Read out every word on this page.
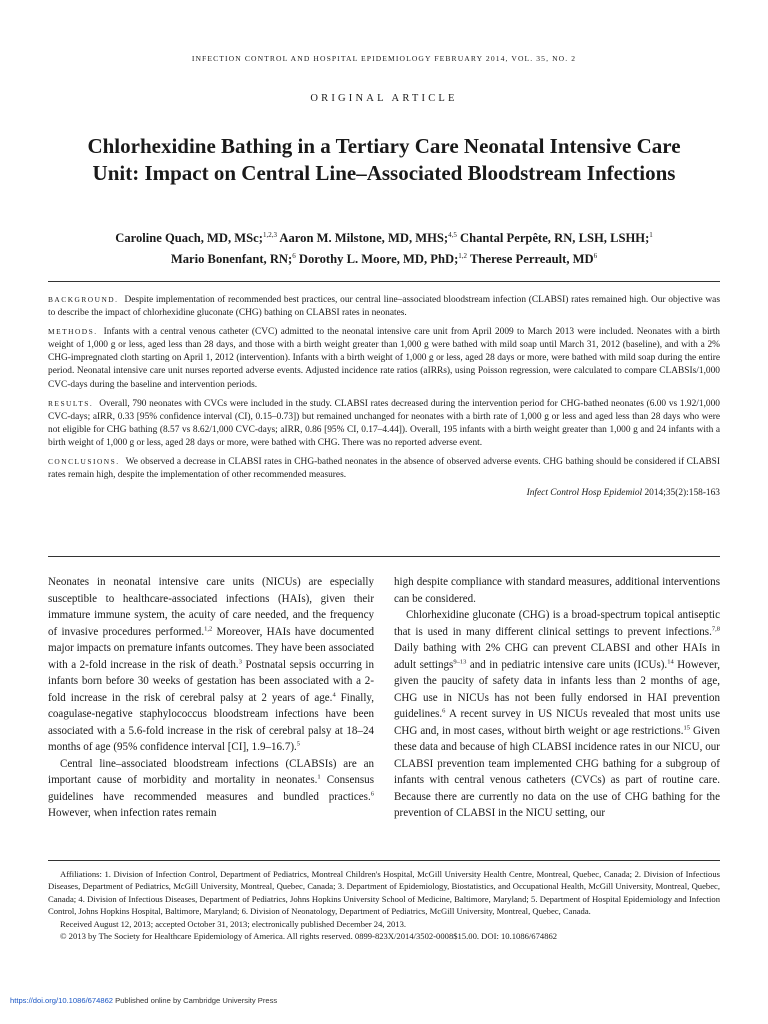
INFECTION CONTROL AND HOSPITAL EPIDEMIOLOGY FEBRUARY 2014, VOL. 35, NO. 2
ORIGINAL ARTICLE
Chlorhexidine Bathing in a Tertiary Care Neonatal Intensive Care
Unit: Impact on Central Line–Associated Bloodstream Infections
Caroline Quach, MD, MSc;$^{1,2,3}$ Aaron M. Milstone, MD, MHS;$^{4,5}$ Chantal Perpête, RN, LSH, LSHH;$^1$
Mario Bonenfant, RN;$^6$ Dorothy L. Moore, MD, PhD;$^{1,2}$ Therese Perreault, $MD^6$

BACKGROUND. Despite implementation of recommended best practices, our central line–associated bloodstream infection (CLABSI) rates remained high. Our objective was to describe the impact of chlorhexidine gluconate (CHG) bathing on CLABSI rates in neonates.

METHODS. Infants with a central venous catheter (CVC) admitted to the neonatal intensive care unit from April 2009 to March 2013 were included. Neonates with a birth weight of 1,000 g or less, aged less than 28 days, and those with a birth weight greater than 1,000 g were bathed with mild soap until March 31, 2012 (baseline), and with a 2% CHG-impregnated cloth starting on April 1, 2012 (intervention). Infants with a birth weight of 1,000 g or less, aged 28 days or more, were bathed with mild soap during the entire period. Neonatal intensive care unit nurses reported adverse events. Adjusted incidence rate ratios (aIRRs), using Poisson regression, were calculated to compare CLABSIs/1,000 CVC-days during the baseline and intervention periods.

RESULTS. Overall, 790 neonates with CVCs were included in the study. CLABSI rates decreased during the intervention period for CHG-bathed neonates (6.00 vs 1.92/1,000 CVC-days; aIRR, 0.33 [95% confidence interval (CI), 0.15–0.73]) but remained unchanged for neonates with a birth rate of 1,000 g or less and aged less than 28 days who were not eligible for CHG bathing (8.57 vs 8.62/1,000 CVC-days; aIRR, 0.86 [95% CI, 0.17–4.44]). Overall, 195 infants with a birth weight greater than 1,000 g and 24 infants with a birth weight of 1,000 g or less, aged 28 days or more, were bathed with CHG. There was no reported adverse event.

CONCLUSIONS. We observed a decrease in CLABSI rates in CHG-bathed neonates in the absence of observed adverse events. CHG bathing should be considered if CLABSI rates remain high, despite the implementation of other recommended measures.

Infect Control Hosp Epidemiol 2014;35(2):158-163

Neonates in neonatal intensive care units (NICUs) are especially susceptible to healthcare-associated infections (HAIs), given their immature immune system, the acuity of care needed, and the frequency of invasive procedures performed.$^{1,2}$ Moreover, HAIs have documented major impacts on premature infants outcomes. They have been associated with a 2-fold increase in the risk of death.$^3$ Postnatal sepsis occurring in infants born before 30 weeks of gestation has been associated with a 2-fold increase in the risk of cerebral palsy at 2 years of age.$^4$ Finally, coagulase-negative staphylococcus bloodstream infections have been associated with a 5.6-fold increase in the risk of cerebral palsy at 18–24 months of age (95% confidence interval [CI], 1.9–16.7).$^5$

Central line–associated bloodstream infections (CLABSIs) are an important cause of morbidity and mortality in neonates.$^1$ Consensus guidelines have recommended measures and bundled practices.$^6$ However, when infection rates remain

high despite compliance with standard measures, additional interventions can be considered.

Chlorhexidine gluconate (CHG) is a broad-spectrum topical antiseptic that is used in many different clinical settings to prevent infections.$^{7,8}$ Daily bathing with 2% CHG can prevent CLABSI and other HAIs in adult settings$^{9-13}$ and in pediatric intensive care units (ICUs).$^{14}$ However, given the paucity of safety data in infants less than 2 months of age, CHG use in NICUs has not been fully endorsed in HAI prevention guidelines.$^6$ A recent survey in US NICUs revealed that most units use CHG and, in most cases, without birth weight or age restrictions.$^{15}$ Given these data and because of high CLABSI incidence rates in our NICU, our CLABSI prevention team implemented CHG bathing for a subgroup of infants with central venous catheters (CVCs) as part of routine care. Because there are currently no data on the use of CHG bathing for the prevention of CLABSI in the NICU setting, our

Affiliations: 1. Division of Infection Control, Department of Pediatrics, Montreal Children's Hospital, McGill University Health Centre, Montreal, Quebec, Canada; 2. Division of Infectious Diseases, Department of Pediatrics, McGill University, Montreal, Quebec, Canada; 3. Department of Epidemiology, Biostatistics, and Occupational Health, McGill University, Montreal, Quebec, Canada; 4. Division of Infectious Diseases, Department of Pediatrics, Johns Hopkins University School of Medicine, Baltimore, Maryland; 5. Department of Hospital Epidemiology and Infection Control, Johns Hopkins Hospital, Baltimore, Maryland; 6. Division of Neonatology, Department of Pediatrics, McGill University, Montreal, Quebec, Canada.

Received August 12, 2013; accepted October 31, 2013; electronically published December 24, 2013.

© 2013 by The Society for Healthcare Epidemiology of America. All rights reserved. 0899-823X/2014/3502-0008$15.00. DOI: 10.1086/674862

https://doi.org/10.1086/674862 Published online by Cambridge University Press
